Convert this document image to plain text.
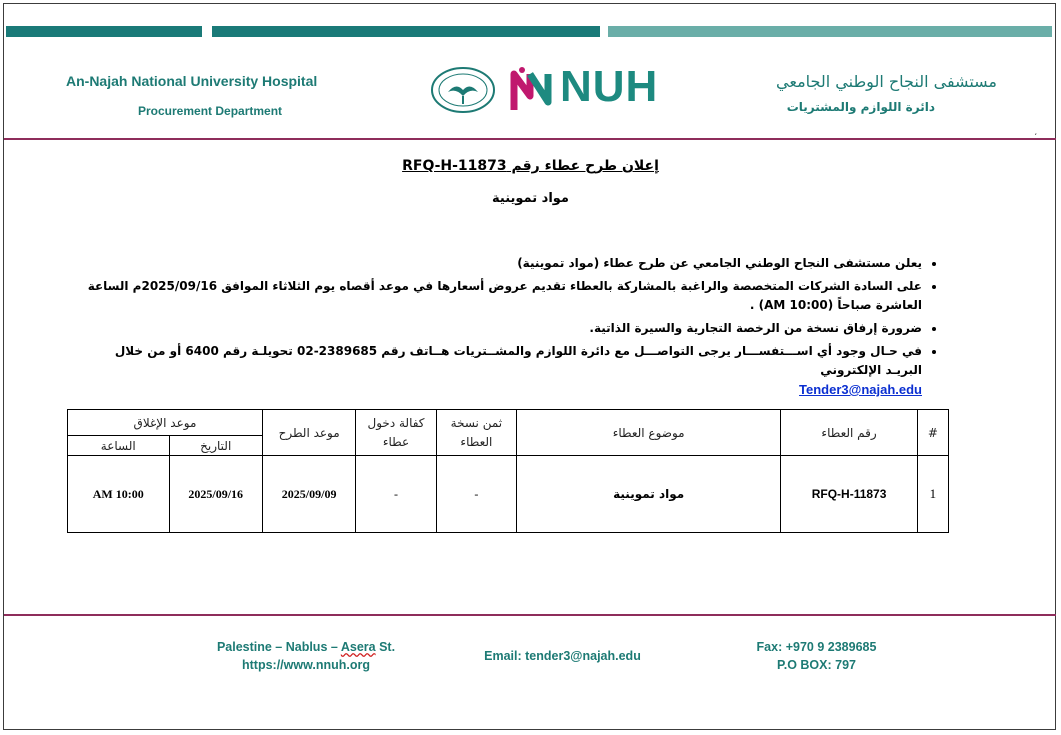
An-Najah National University Hospital
Procurement Department	NUH	مستشفى النجاح الوطني الجامعي
دائرة اللوازم والمشتريات
،
إعلان طرح عطاء رقم RFQ-H-11873
مواد تموينية
• يعلن مستشفى النجاح الوطني الجامعي عن طرح عطاء (مواد تموينية)
• على السادة الشركات المتخصصة والراغبة بالمشاركة بالعطاء تقديم عروض أسعارها في موعد أقصاه يوم الثلاثاء الموافق 2025/09/16م الساعة العاشرة صباحاً (10:00 AM) .
• ضرورة إرفاق نسخة من الرخصة التجارية والسيرة الذاتية.
• في حـال وجود أي اســـتفســـار يرجى التواصـــل مع دائرة اللوازم والمشــتريات هــاتف رقم 2389685-02 تحويلـة رقم 6400 أو من خلال البريـد الإلكتروني
Tender3@najah.edu
#	رقم العطاء	موضوع العطاء	ثمن نسخة العطاء	كفالة دخول عطاء	موعد الطرح	موعد الإغلاق	
						التاريخ	الساعة
1	RFQ-H-11873	مواد تموينية	-	-	2025/09/09	2025/09/16	AM 10:00
Palestine – Nablus – Asera St.
https://www.nnuh.org
Email: tender3@najah.edu
Fax: +970 9 2389685
P.O BOX: 797
